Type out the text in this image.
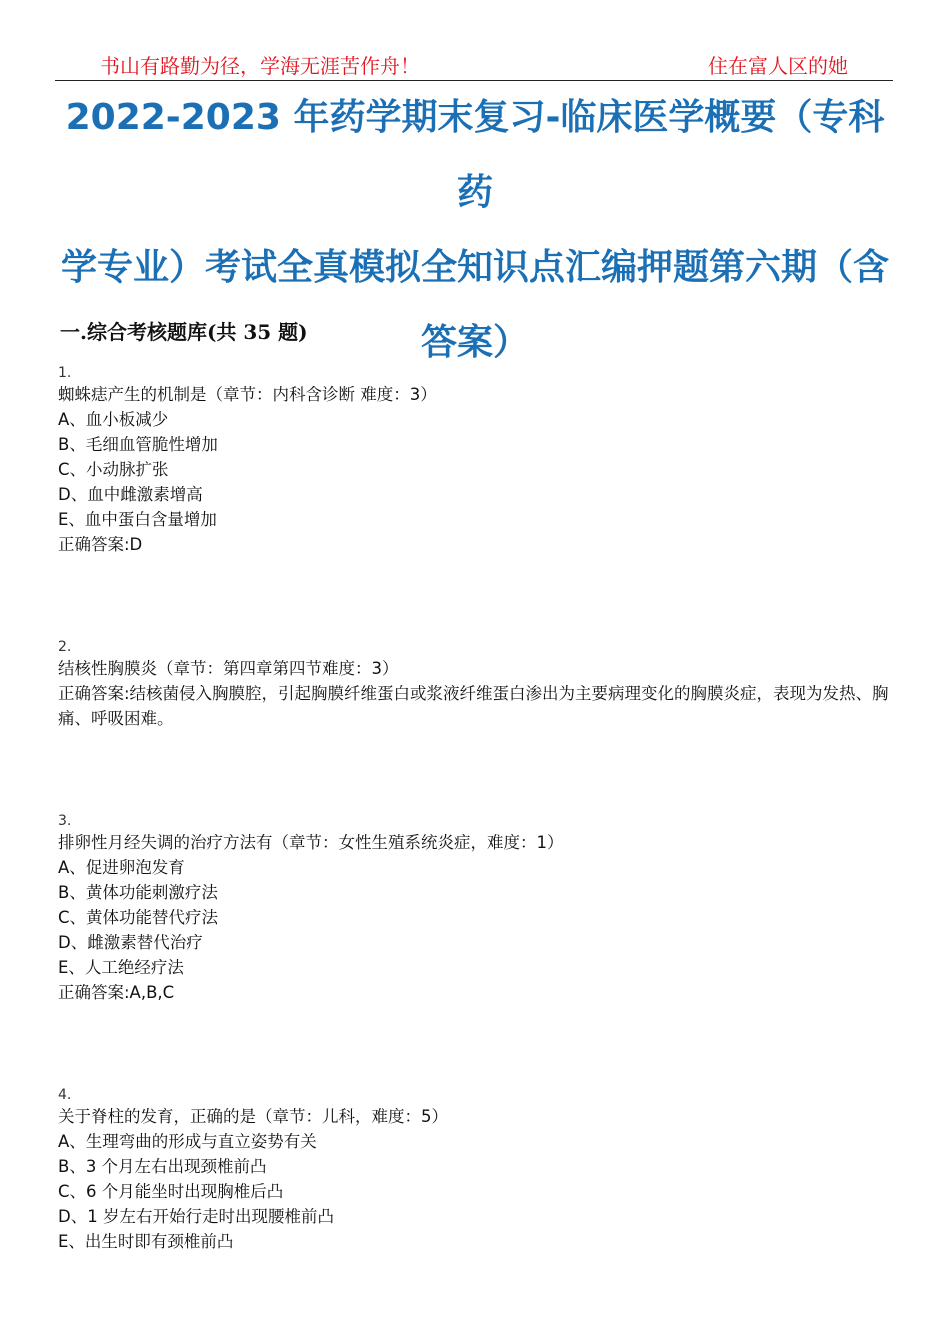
书山有路勤为径，学海无涯苦作舟！	住在富人区的她
2022-2023 年药学期末复习-临床医学概要（专科药
学专业）考试全真模拟全知识点汇编押题第六期（含
答案）
一.综合考核题库(共 35 题)
1.
蜘蛛痣产生的机制是（章节：内科含诊断 难度：3）
A、血小板减少
B、毛细血管脆性增加
C、小动脉扩张
D、血中雌激素增高
E、血中蛋白含量增加
正确答案:D
2.
结核性胸膜炎（章节：第四章第四节难度：3）
正确答案:结核菌侵入胸膜腔，引起胸膜纤维蛋白或浆液纤维蛋白渗出为主要病理变化的胸膜炎症，表现为发热、胸痛、呼吸困难。
3.
排卵性月经失调的治疗方法有（章节：女性生殖系统炎症，难度：1）
A、促进卵泡发育
B、黄体功能刺激疗法
C、黄体功能替代疗法
D、雌激素替代治疗
E、人工绝经疗法
正确答案:A,B,C
4.
关于脊柱的发育，正确的是（章节：儿科，难度：5）
A、生理弯曲的形成与直立姿势有关
B、3 个月左右出现颈椎前凸
C、6 个月能坐时出现胸椎后凸
D、1 岁左右开始行走时出现腰椎前凸
E、出生时即有颈椎前凸
